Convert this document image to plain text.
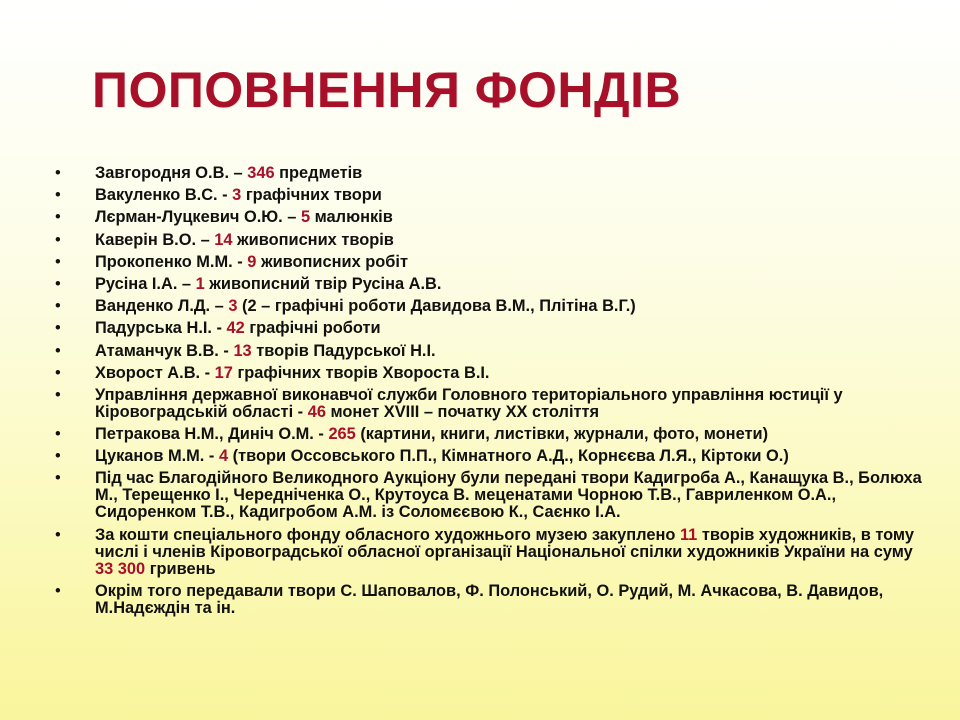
ПОПОВНЕННЯ ФОНДІВ
• Завгородня О.В. – 346 предметів
• Вакуленко В.С. - 3 графічних твори
• Лєрман-Луцкевич О.Ю. – 5 малюнків
• Каверін В.О. – 14 живописних творів
• Прокопенко М.М. - 9 живописних робіт
• Русіна І.А. – 1 живописний твір Русіна А.В.
• Ванденко Л.Д. – 3 (2 – графічні роботи Давидова В.М., Плітіна В.Г.)
• Падурська Н.І. - 42 графічні роботи
• Атаманчук В.В. - 13 творів Падурської Н.І.
• Хворост А.В. - 17 графічних творів Хвороста В.І.
• Управління державної виконавчої служби Головного територіального управління юстиції у Кіровоградській області - 46 монет XVIII – початку XX століття
• Петракова Н.М., Диніч О.М. - 265 (картини, книги, листівки, журнали, фото, монети)
• Цуканов М.М. - 4 (твори Оссовського П.П., Кімнатного А.Д., Корнєєва Л.Я., Кіртоки О.)
• Під час Благодійного Великодного Аукціону були передані твори Кадигроба А., Канащука В., Болюха М., Терещенко І., Чередніченка О., Крутоуса В. меценатами Чорною Т.В., Гавриленком О.А., Сидоренком Т.В., Кадигробом А.М. із Соломєєвою К., Саєнко І.А.
• За кошти спеціального фонду обласного художнього музею закуплено 11 творів художників, в тому числі і членів Кіровоградської обласної організації Національної спілки художників України на суму 33 300 гривень
• Окрім того передавали твори С. Шаповалов, Ф. Полонський, О. Рудий, М. Ачкасова, В. Давидов, М.Надєждін та ін.
